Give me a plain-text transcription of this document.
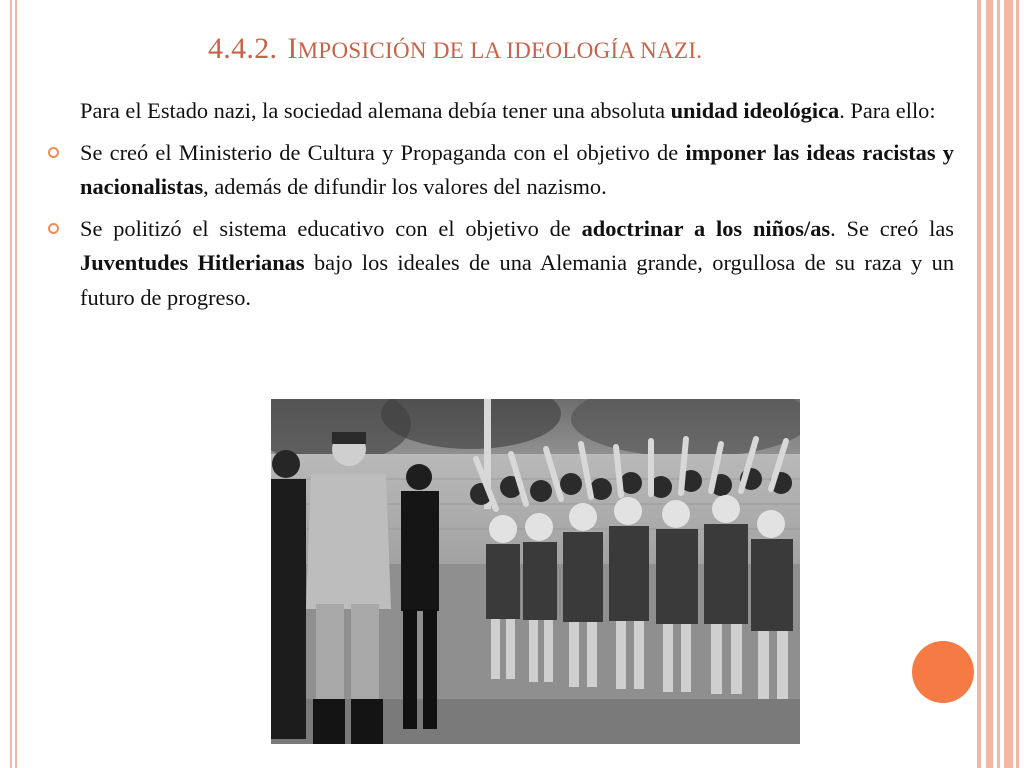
4.4.2. IMPOSICIÓN DE LA IDEOLOGÍA NAZI.

Para el Estado nazi, la sociedad alemana debía tener una absoluta unidad ideológica. Para ello:

Se creó el Ministerio de Cultura y Propaganda con el objetivo de imponer las ideas racistas y nacionalistas, además de difundir los valores del nazismo.

Se politizó el sistema educativo con el objetivo de adoctrinar a los niños/as. Se creó las Juventudes Hitlerianas bajo los ideales de una Alemania grande, orgullosa de su raza y un futuro de progreso.
